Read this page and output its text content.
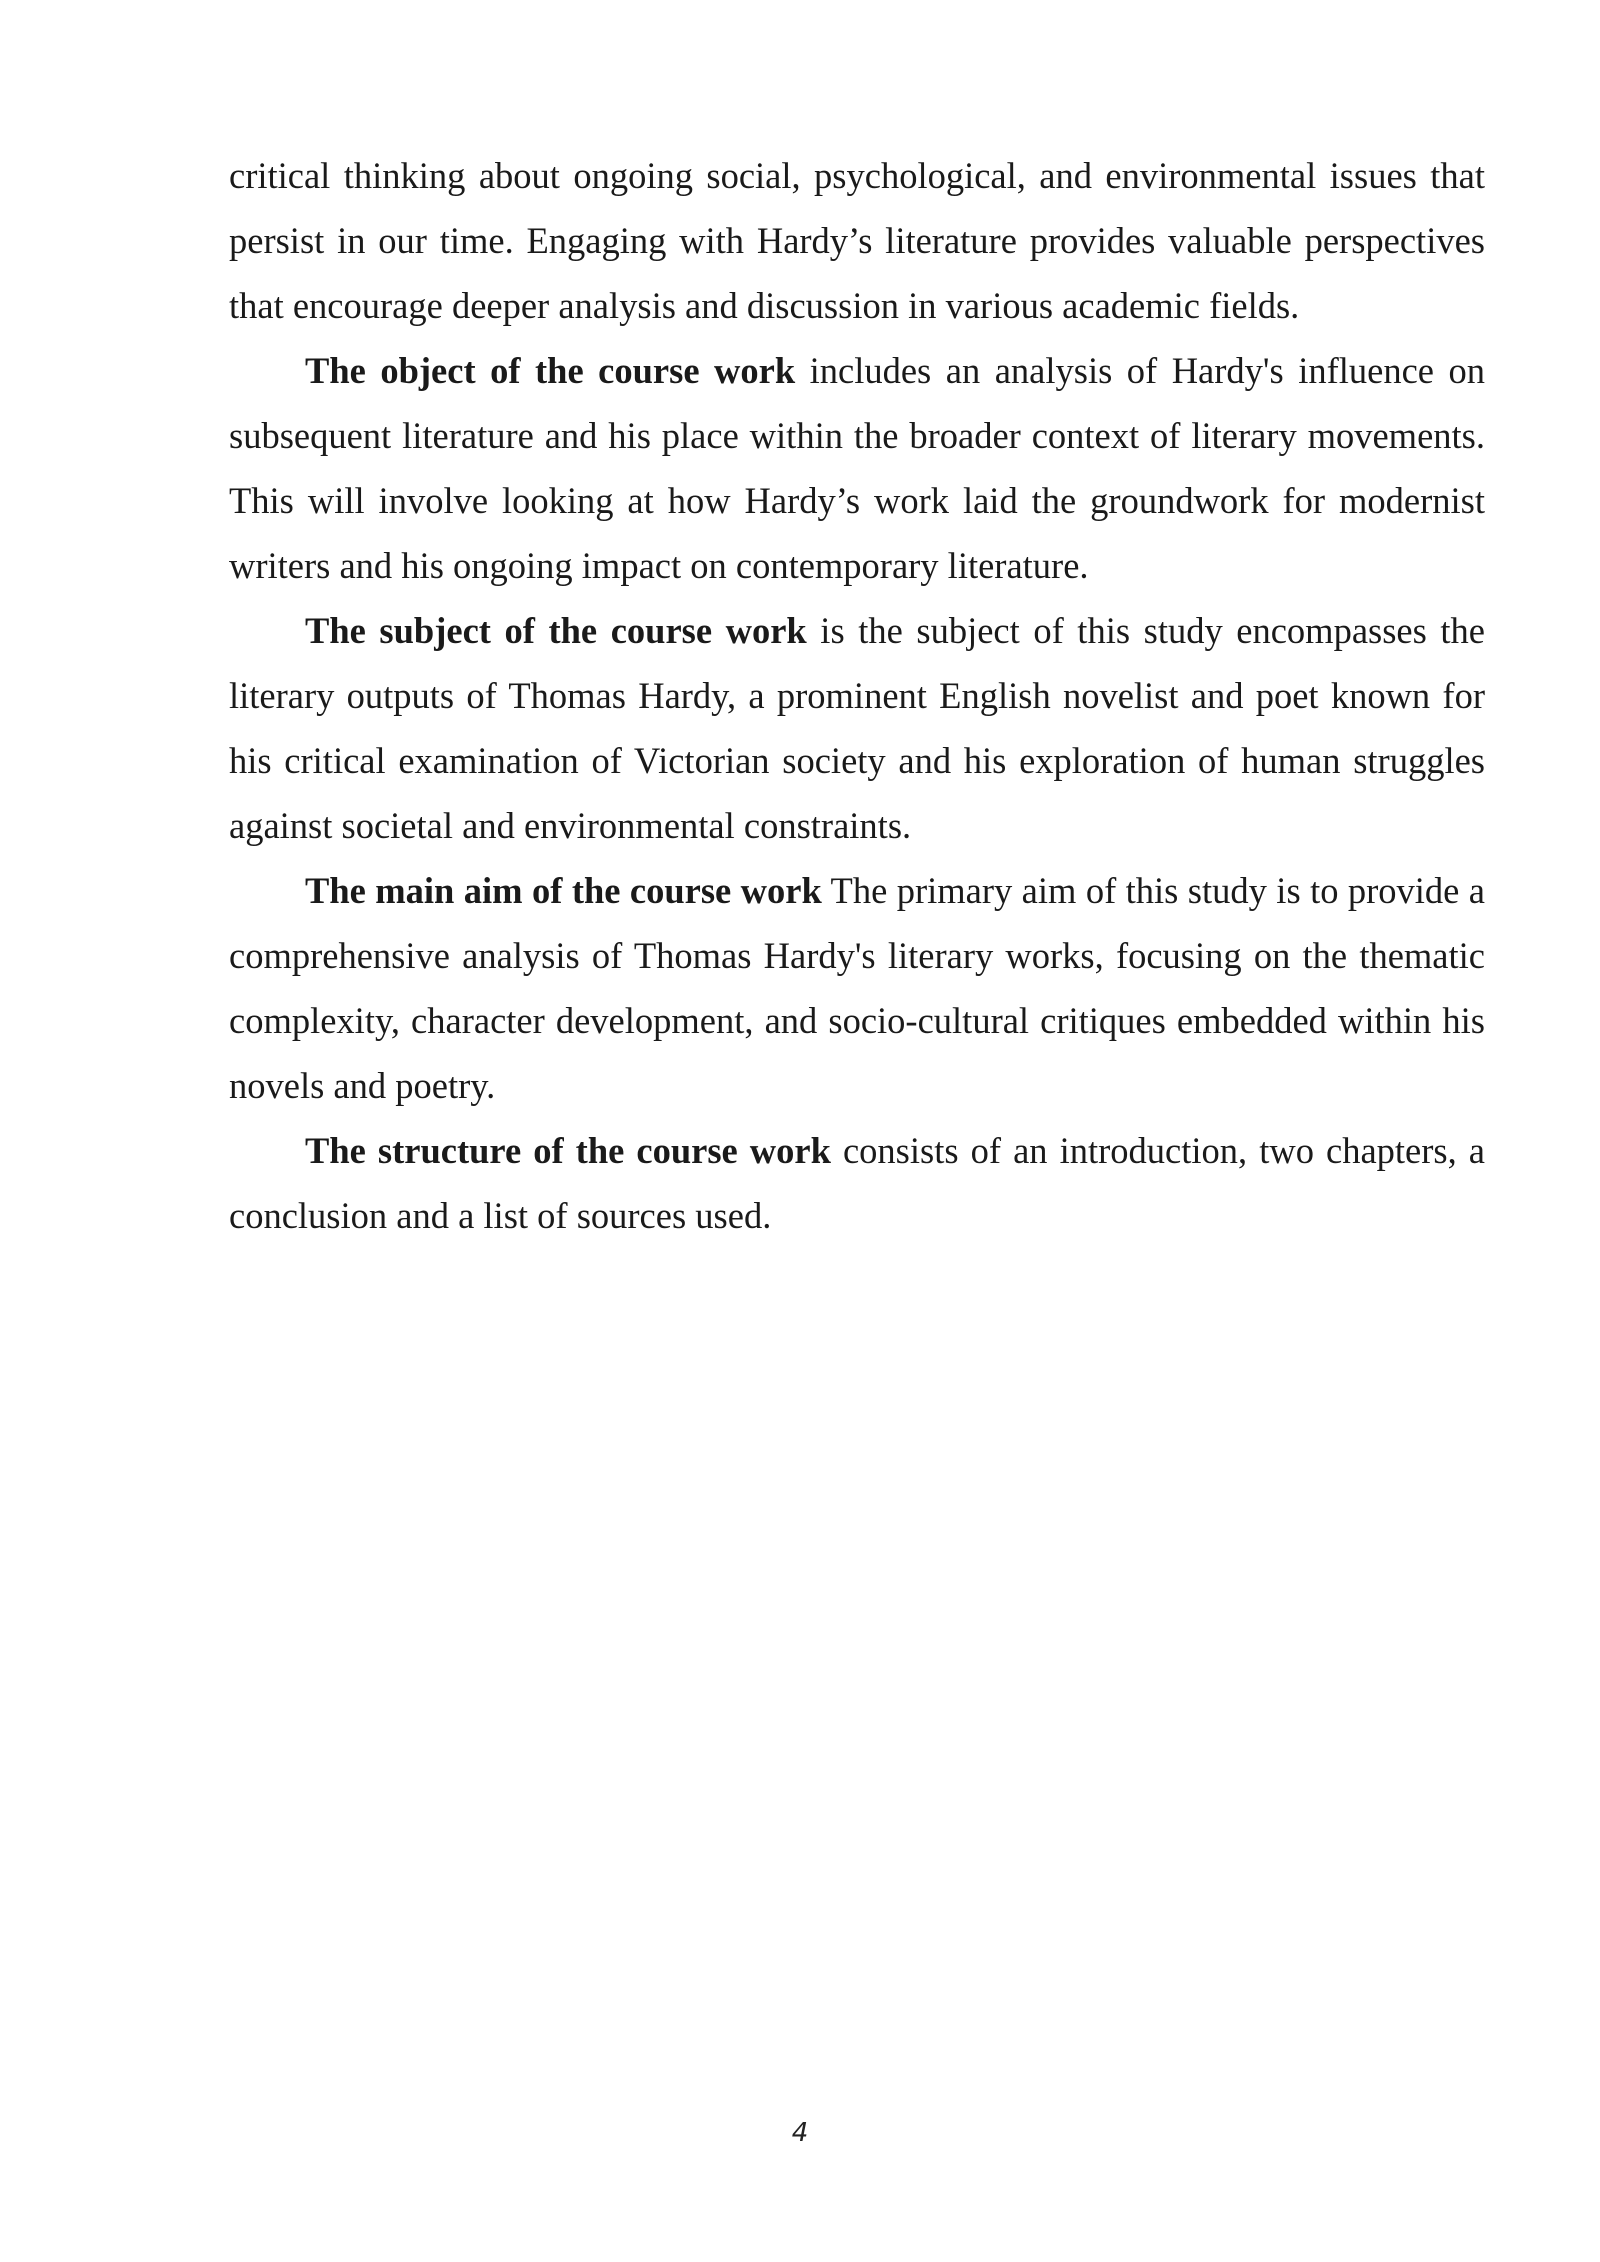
critical thinking about ongoing social, psychological, and environmental issues that persist in our time. Engaging with Hardy’s literature provides valuable perspectives that encourage deeper analysis and discussion in various academic fields.

The object of the course work includes an analysis of Hardy's influence on subsequent literature and his place within the broader context of literary movements. This will involve looking at how Hardy’s work laid the groundwork for modernist writers and his ongoing impact on contemporary literature.

The subject of the course work is the subject of this study encompasses the literary outputs of Thomas Hardy, a prominent English novelist and poet known for his critical examination of Victorian society and his exploration of human struggles against societal and environmental constraints.

The main aim of the course work The primary aim of this study is to provide a comprehensive analysis of Thomas Hardy's literary works, focusing on the thematic complexity, character development, and socio-cultural critiques embedded within his novels and poetry.

The structure of the course work consists of an introduction, two chapters, a conclusion and a list of sources used.

4
